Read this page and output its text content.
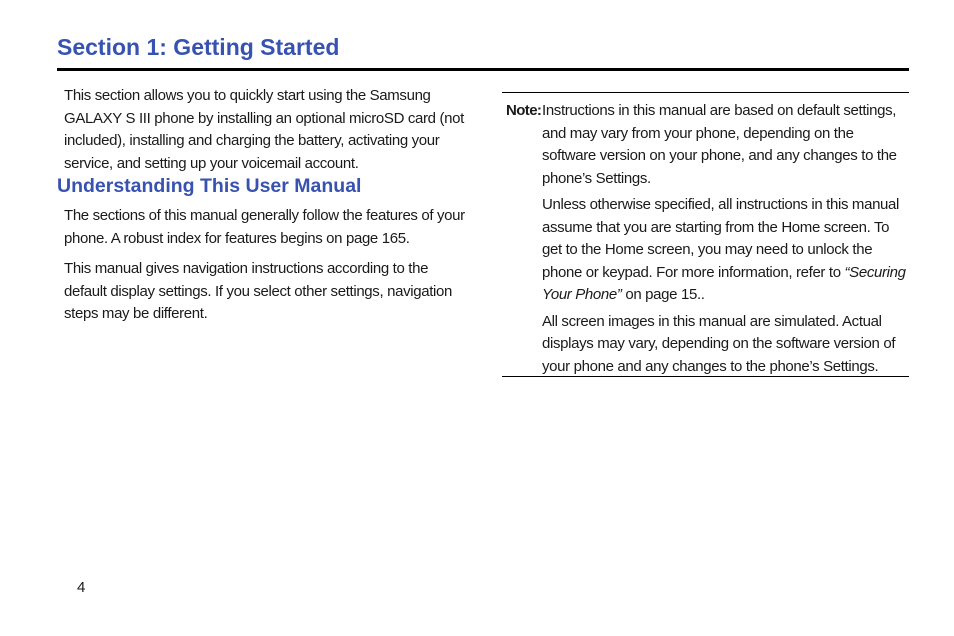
Section 1: Getting Started

This section allows you to quickly start using the Samsung GALAXY S III phone by installing an optional microSD card (not included), installing and charging the battery, activating your service, and setting up your voicemail account.

Understanding This User Manual

The sections of this manual generally follow the features of your phone. A robust index for features begins on page 165.

This manual gives navigation instructions according to the default display settings. If you select other settings, navigation steps may be different.

Note: Instructions in this manual are based on default settings, and may vary from your phone, depending on the software version on your phone, and any changes to the phone’s Settings.

Unless otherwise specified, all instructions in this manual assume that you are starting from the Home screen. To get to the Home screen, you may need to unlock the phone or keypad. For more information, refer to “Securing Your Phone” on page 15..

All screen images in this manual are simulated. Actual displays may vary, depending on the software version of your phone and any changes to the phone’s Settings.

4
